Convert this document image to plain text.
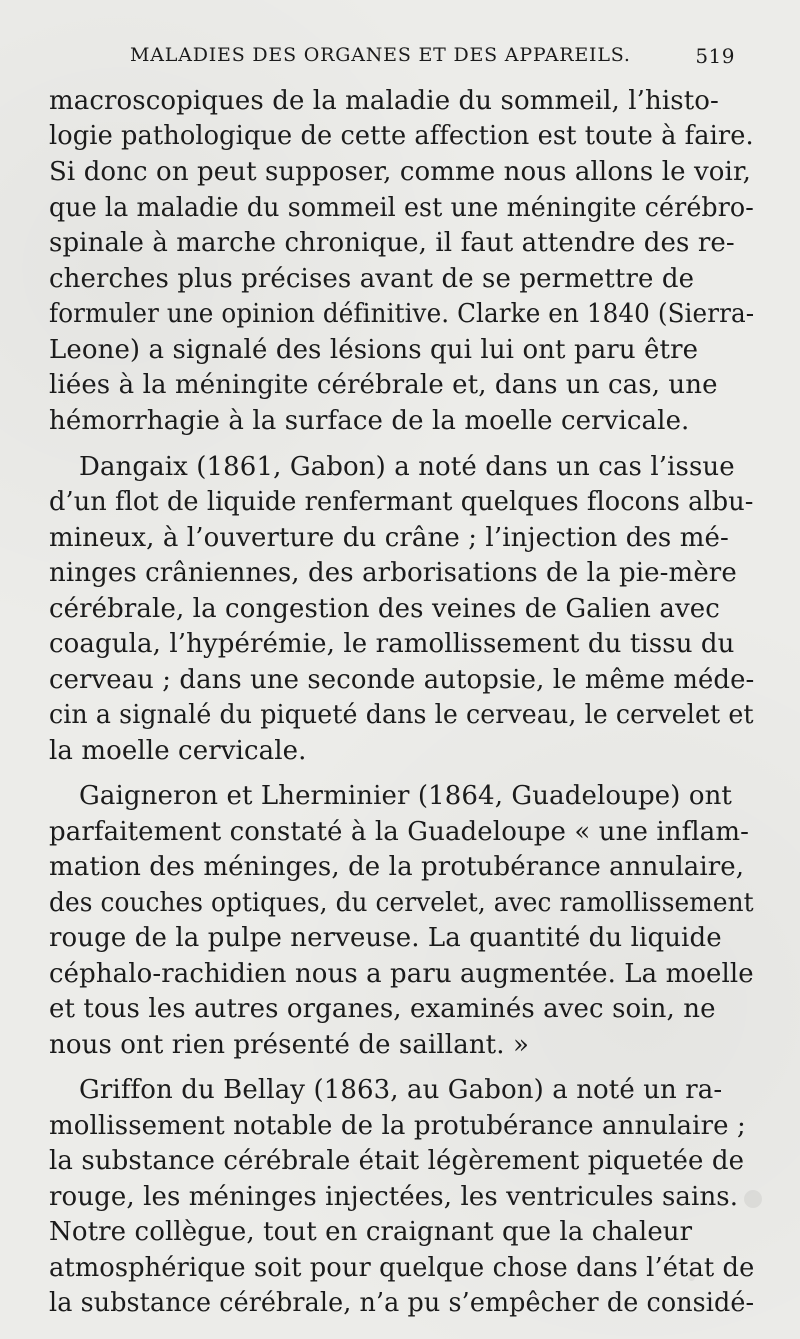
MALADIES DES ORGANES ET DES APPAREILS.	519
macroscopiques de la maladie du sommeil, l’histo-
logie pathologique de cette affection est toute à faire.
Si donc on peut supposer, comme nous allons le voir,
que la maladie du sommeil est une méningite cérébro-
spinale à marche chronique, il faut attendre des re-
cherches plus précises avant de se permettre de
formuler une opinion définitive. Clarke en 1840 (Sierra-
Leone) a signalé des lésions qui lui ont paru être
liées à la méningite cérébrale et, dans un cas, une
hémorrhagie à la surface de la moelle cervicale.
Dangaix (1861, Gabon) a noté dans un cas l’issue
d’un flot de liquide renfermant quelques flocons albu-
mineux, à l’ouverture du crâne ; l’injection des mé-
ninges crâniennes, des arborisations de la pie-mère
cérébrale, la congestion des veines de Galien avec
coagula, l’hypérémie, le ramollissement du tissu du
cerveau ; dans une seconde autopsie, le même méde-
cin a signalé du piqueté dans le cerveau, le cervelet et
la moelle cervicale.
Gaigneron et Lherminier (1864, Guadeloupe) ont
parfaitement constaté à la Guadeloupe « une inflam-
mation des méninges, de la protubérance annulaire,
des couches optiques, du cervelet, avec ramollissement
rouge de la pulpe nerveuse. La quantité du liquide
céphalo-rachidien nous a paru augmentée. La moelle
et tous les autres organes, examinés avec soin, ne
nous ont rien présenté de saillant. »
Griffon du Bellay (1863, au Gabon) a noté un ra-
mollissement notable de la protubérance annulaire ;
la substance cérébrale était légèrement piquetée de
rouge, les méninges injectées, les ventricules sains.
Notre collègue, tout en craignant que la chaleur
atmosphérique soit pour quelque chose dans l’état de
la substance cérébrale, n’a pu s’empêcher de considé-
